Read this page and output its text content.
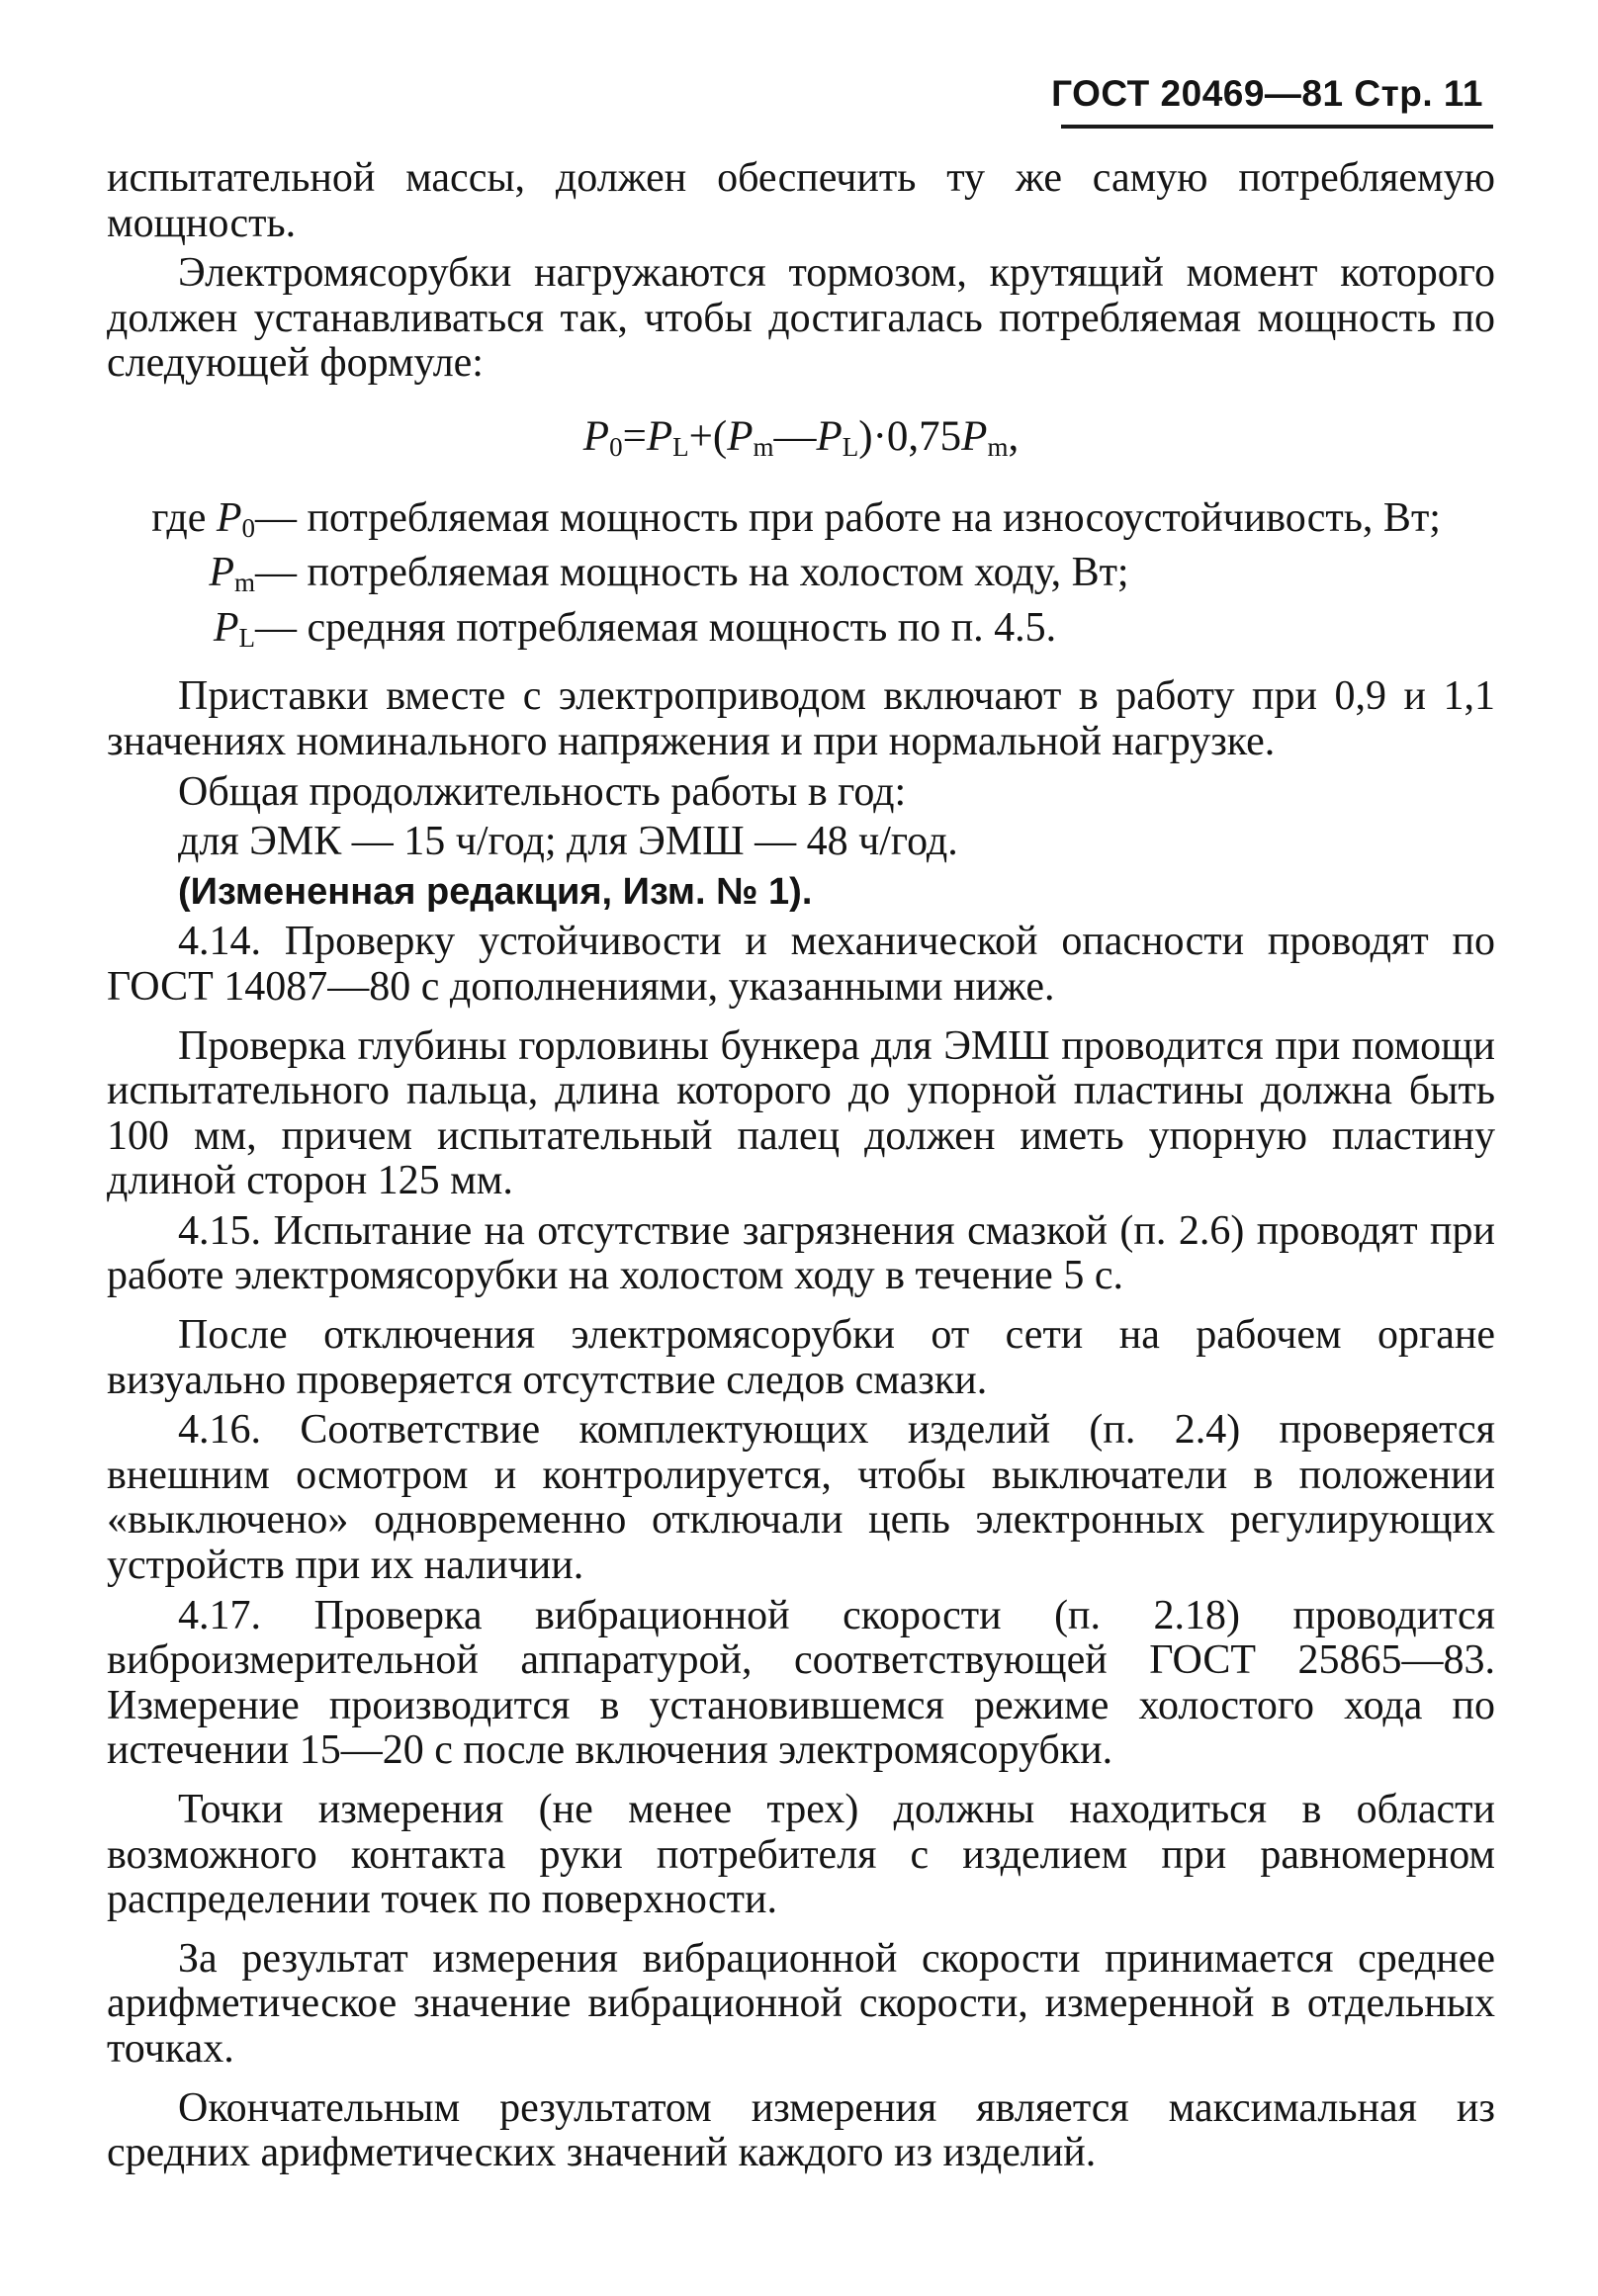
ГОСТ 20469—81 Стр. 11

испытательной массы, должен обеспечить ту же самую потребляемую мощность.

Электромясорубки нагружаются тормозом, крутящий момент которого должен устанавливаться так, чтобы достигалась потребляемая мощность по следующей формуле:

$P_0=P_L+(P_m—P_L)\cdot 0,75P_m$,
где $P_0$ — потребляемая мощность при работе на износоустойчивость, Вт;
$P_m$ — потребляемая мощность на холостом ходу, Вт;
$P_L$ — средняя потребляемая мощность по п. 4.5.

Приставки вместе с электроприводом включают в работу при 0,9 и 1,1 значениях номинального напряжения и при нормальной нагрузке.

Общая продолжительность работы в год:

для ЭМК — 15 ч/год; для ЭМШ — 48 ч/год.

(Измененная редакция, Изм. № 1).

4.14. Проверку устойчивости и механической опасности проводят по ГОСТ 14087—80 с дополнениями, указанными ниже.

Проверка глубины горловины бункера для ЭМШ проводится при помощи испытательного пальца, длина которого до упорной пластины должна быть 100 мм, причем испытательный палец должен иметь упорную пластину длиной сторон 125 мм.

4.15. Испытание на отсутствие загрязнения смазкой (п. 2.6) проводят при работе электромясорубки на холостом ходу в течение 5 с.

После отключения электромясорубки от сети на рабочем органе визуально проверяется отсутствие следов смазки.

4.16. Соответствие комплектующих изделий (п. 2.4) проверяется внешним осмотром и контролируется, чтобы выключатели в положении «выключено» одновременно отключали цепь электронных регулирующих устройств при их наличии.

4.17. Проверка вибрационной скорости (п. 2.18) проводится виброизмерительной аппаратурой, соответствующей ГОСТ 25865—83. Измерение производится в установившемся режиме холостого хода по истечении 15—20 с после включения электромясорубки.

Точки измерения (не менее трех) должны находиться в области возможного контакта руки потребителя с изделием при равномерном распределении точек по поверхности.

За результат измерения вибрационной скорости принимается среднее арифметическое значение вибрационной скорости, измеренной в отдельных точках.

Окончательным результатом измерения является максимальная из средних арифметических значений каждого из изделий.
